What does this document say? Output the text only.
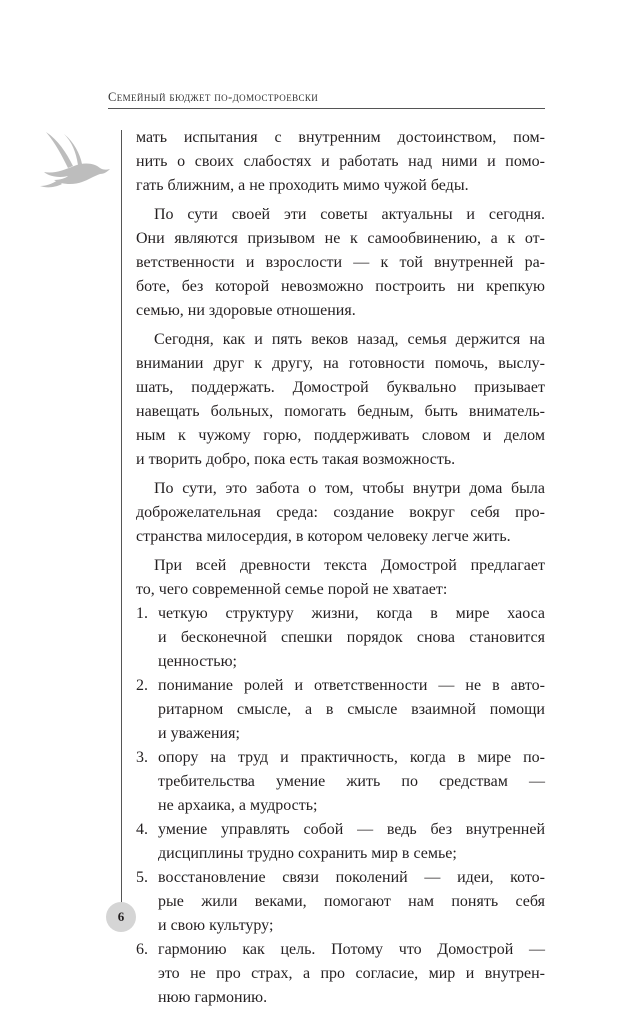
Семейный бюджет по-домостроевски
мать испытания с внутренним достоинством, пом-
нить о своих слабостях и работать над ними и помо-
гать ближним, а не проходить мимо чужой беды.
По сути своей эти советы актуальны и сегодня.
Они являются призывом не к самообвинению, а к от-
ветственности и взрослости — к той внутренней ра-
боте, без которой невозможно построить ни крепкую
семью, ни здоровые отношения.
Сегодня, как и пять веков назад, семья держится на
внимании друг к другу, на готовности помочь, выслу-
шать, поддержать. Домострой буквально призывает
навещать больных, помогать бедным, быть вниматель-
ным к чужому горю, поддерживать словом и делом
и творить добро, пока есть такая возможность.
По сути, это забота о том, чтобы внутри дома была
доброжелательная среда: создание вокруг себя про-
странства милосердия, в котором человеку легче жить.
При всей древности текста Домострой предлагает
то, чего современной семье порой не хватает:
1. четкую структуру жизни, когда в мире хаоса
и бесконечной спешки порядок снова становится
ценностью;
2. понимание ролей и ответственности — не в авто-
ритарном смысле, а в смысле взаимной помощи
и уважения;
3. опору на труд и практичность, когда в мире по-
требительства умение жить по средствам —
не архаика, а мудрость;
4. умение управлять собой — ведь без внутренней
дисциплины трудно сохранить мир в семье;
5. восстановление связи поколений — идеи, кото-
рые жили веками, помогают нам понять себя
и свою культуру;
6. гармонию как цель. Потому что Домострой —
это не про страх, а про согласие, мир и внутрен-
нюю гармонию.
6
